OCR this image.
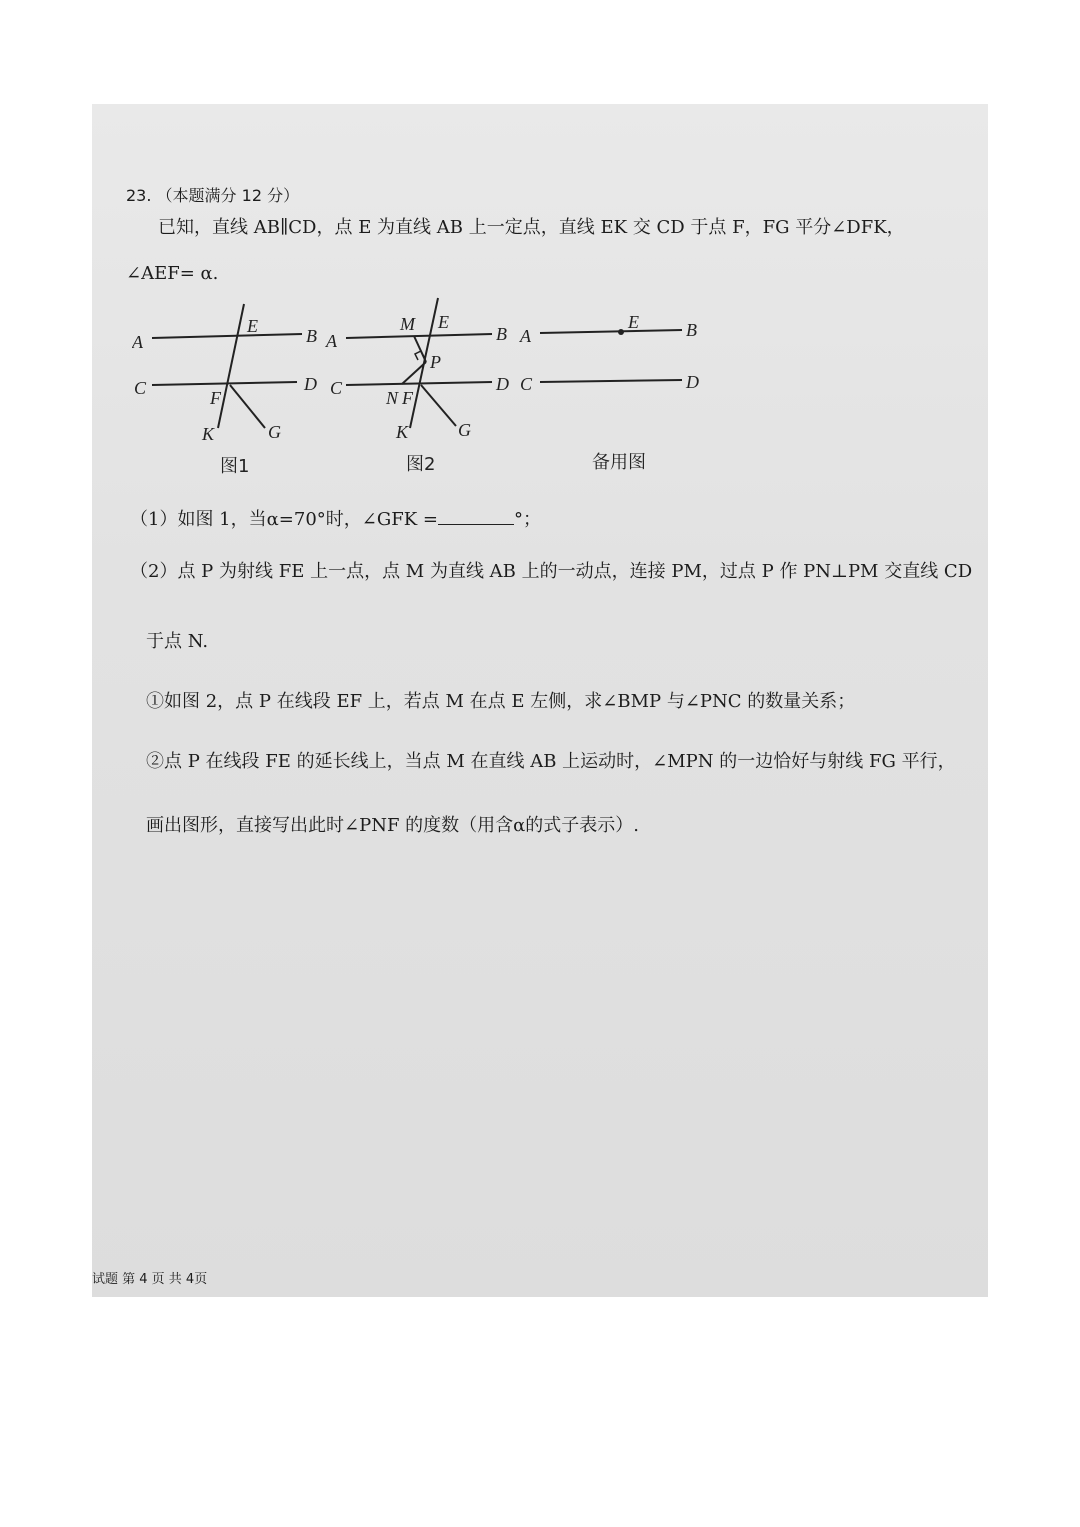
23. （本题满分 12 分）
已知，直线 AB∥CD，点 E 为直线 AB 上一定点，直线 EK 交 CD 于点 F，FG 平分∠DFK，
∠AEF= α.
A	B
C	D
E
F
G
K
图1
A	B
C	D
M E
P
N F
K	G
图2
A
E	B
C	D
备用图
（1）如图 1，当α=70°时，∠GFK =	°；
（2）点 P 为射线 FE 上一点，点 M 为直线 AB 上的一动点，连接 PM，过点 P 作 PN⊥PM 交直线 CD
于点 N.
①如图 2，点 P 在线段 EF 上，若点 M 在点 E 左侧，求∠BMP 与∠PNC 的数量关系；
②点 P 在线段 FE 的延长线上，当点 M 在直线 AB 上运动时，∠MPN 的一边恰好与射线 FG 平行，
画出图形，直接写出此时∠PNF 的度数（用含α的式子表示）.
试题 第 4 页 共 4页
